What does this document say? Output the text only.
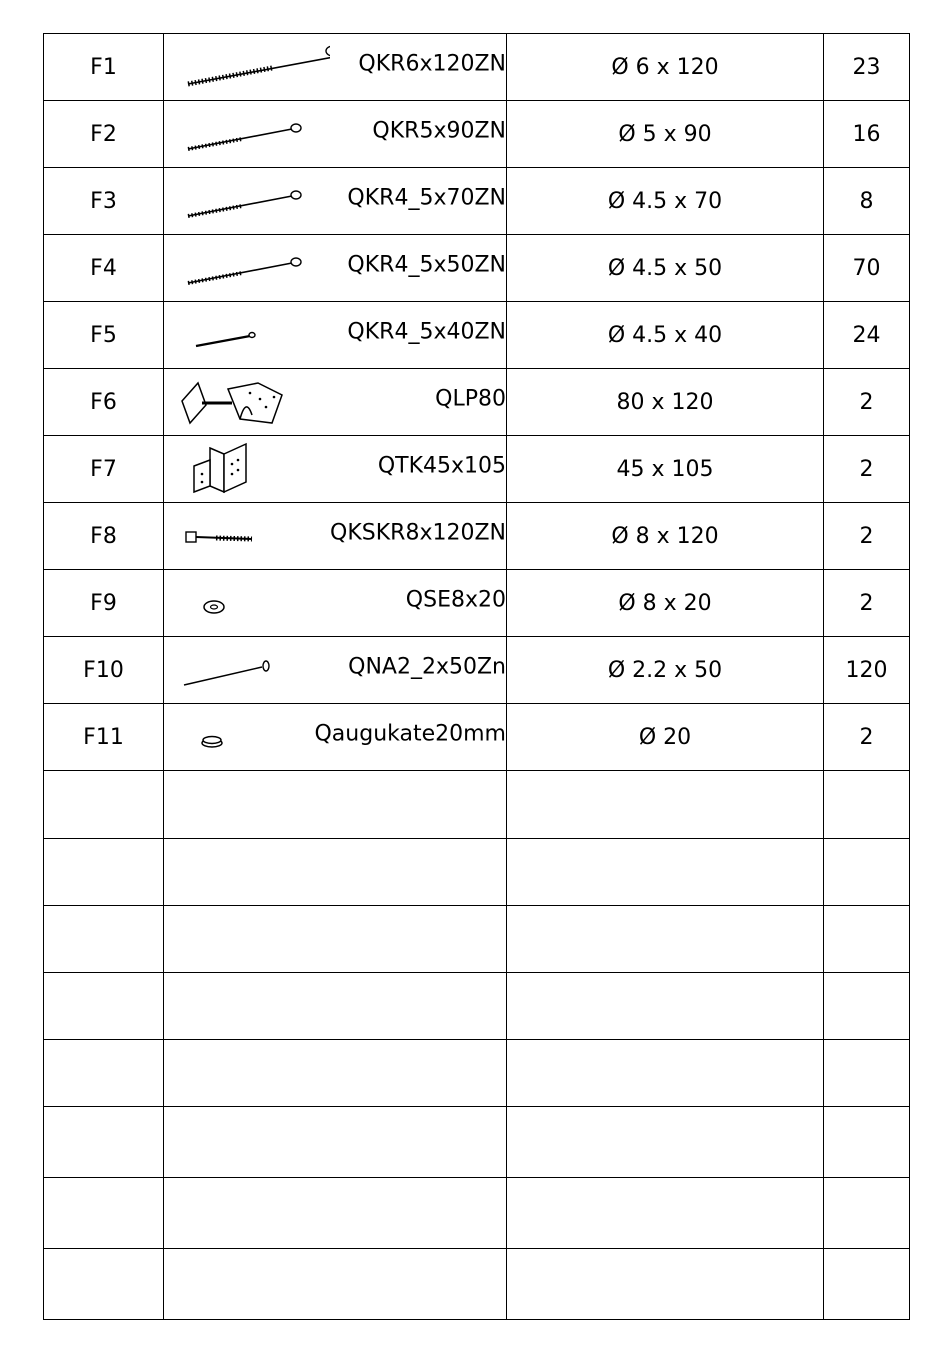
F1	QKR6x120ZN	Ø 6 x 120	23
F2	QKR5x90ZN	Ø 5 x 90	16
F3	QKR4_5x70ZN	Ø 4.5 x 70	8
F4	QKR4_5x50ZN	Ø 4.5 x 50	70
F5	QKR4_5x40ZN	Ø 4.5 x 40	24
F6	QLP80	80 x 120	2
F7	QTK45x105	45 x 105	2
F8	QKSKR8x120ZN	Ø 8 x 120	2
F9	QSE8x20	Ø 8 x 20	2
F10	QNA2_2x50Zn	Ø 2.2 x 50	120
F11	Qaugukate20mm	Ø 20	2
